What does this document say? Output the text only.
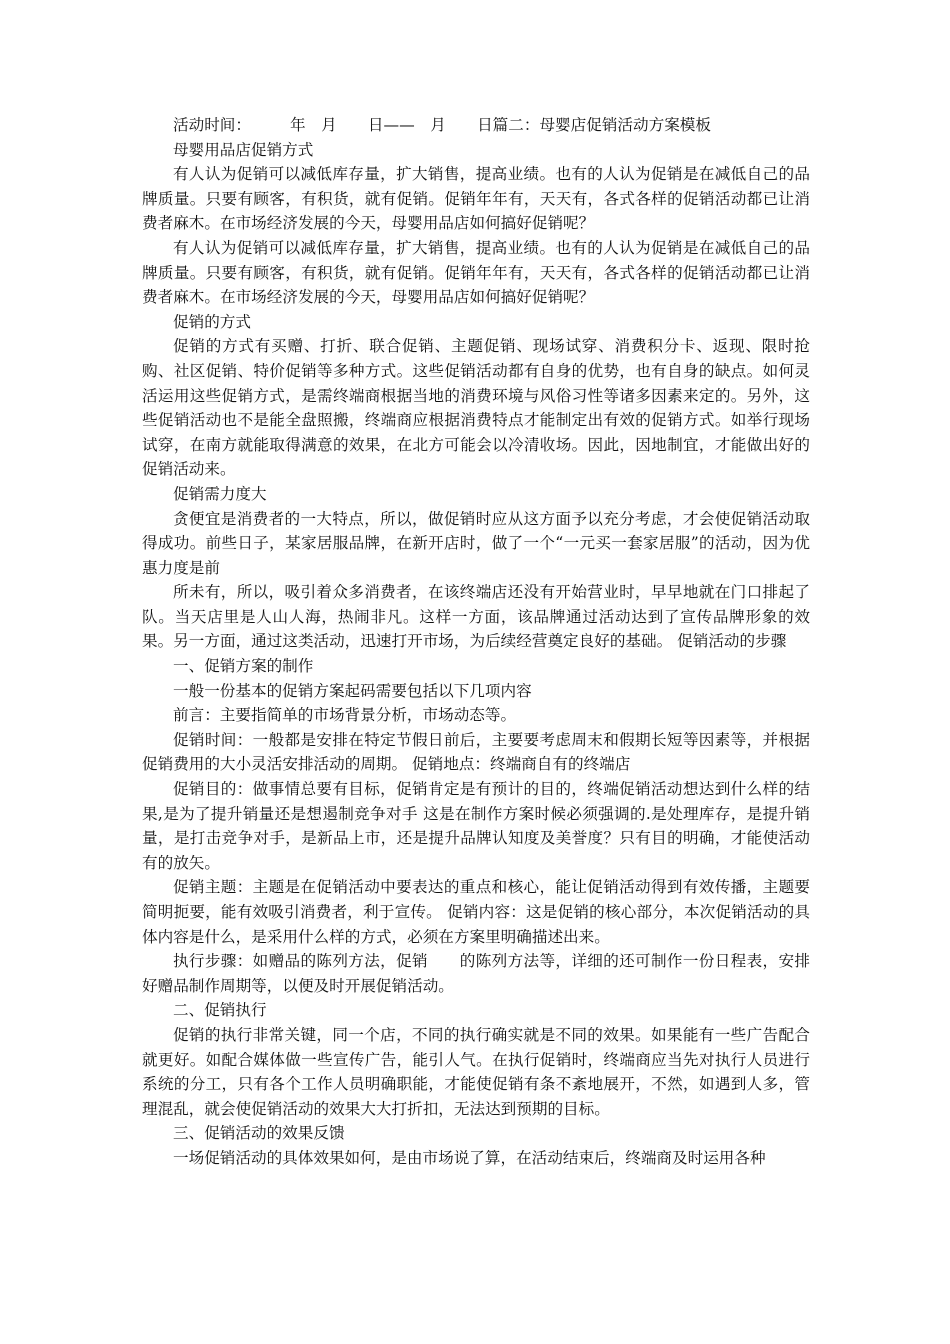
活动时间：　　　年　月　　日——　月　　日篇二：母婴店促销活动方案模板

母婴用品店促销方式

有人认为促销可以减低库存量，扩大销售，提高业绩。也有的人认为促销是在减低自己的品牌质量。只要有顾客，有积货，就有促销。促销年年有，天天有，各式各样的促销活动都已让消费者麻木。在市场经济发展的今天，母婴用品店如何搞好促销呢？

有人认为促销可以减低库存量，扩大销售，提高业绩。也有的人认为促销是在减低自己的品牌质量。只要有顾客，有积货，就有促销。促销年年有，天天有，各式各样的促销活动都已让消费者麻木。在市场经济发展的今天，母婴用品店如何搞好促销呢？

促销的方式

促销的方式有买赠、打折、联合促销、主题促销、现场试穿、消费积分卡、返现、限时抢购、社区促销、特价促销等多种方式。这些促销活动都有自身的优势，也有自身的缺点。如何灵活运用这些促销方式，是需终端商根据当地的消费环境与风俗习性等诸多因素来定的。另外，这些促销活动也不是能全盘照搬，终端商应根据消费特点才能制定出有效的促销方式。如举行现场试穿，在南方就能取得满意的效果，在北方可能会以冷清收场。因此，因地制宜，才能做出好的促销活动来。

促销需力度大

贪便宜是消费者的一大特点，所以，做促销时应从这方面予以充分考虑，才会使促销活动取得成功。前些日子，某家居服品牌，在新开店时，做了一个“一元买一套家居服”的活动，因为优惠力度是前

所未有，所以，吸引着众多消费者，在该终端店还没有开始营业时，早早地就在门口排起了队。当天店里是人山人海，热闹非凡。这样一方面，该品牌通过活动达到了宣传品牌形象的效果。另一方面，通过这类活动，迅速打开市场，为后续经营奠定良好的基础。 促销活动的步骤

一、促销方案的制作

一般一份基本的促销方案起码需要包括以下几项内容

前言：主要指简单的市场背景分析，市场动态等。

促销时间：一般都是安排在特定节假日前后，主要要考虑周末和假期长短等因素等，并根据促销费用的大小灵活安排活动的周期。 促销地点：终端商自有的终端店

促销目的：做事情总要有目标，促销肯定是有预计的目的，终端促销活动想达到什么样的结果,是为了提升销量还是想遏制竞争对手 这是在制作方案时候必须强调的.是处理库存，是提升销量，是打击竞争对手，是新品上市，还是提升品牌认知度及美誉度？只有目的明确，才能使活动有的放矢。

促销主题：主题是在促销活动中要表达的重点和核心，能让促销活动得到有效传播，主题要简明扼要，能有效吸引消费者，利于宣传。 促销内容：这是促销的核心部分，本次促销活动的具体内容是什么，是采用什么样的方式，必须在方案里明确描述出来。

执行步骤：如赠品的陈列方法，促销　　的陈列方法等，详细的还可制作一份日程表，安排好赠品制作周期等，以便及时开展促销活动。

二、促销执行

促销的执行非常关键，同一个店，不同的执行确实就是不同的效果。如果能有一些广告配合就更好。如配合媒体做一些宣传广告，能引人气。在执行促销时，终端商应当先对执行人员进行系统的分工，只有各个工作人员明确职能，才能使促销有条不紊地展开，不然，如遇到人多，管理混乱，就会使促销活动的效果大大打折扣，无法达到预期的目标。

三、促销活动的效果反馈

一场促销活动的具体效果如何，是由市场说了算，在活动结束后，终端商及时运用各种
